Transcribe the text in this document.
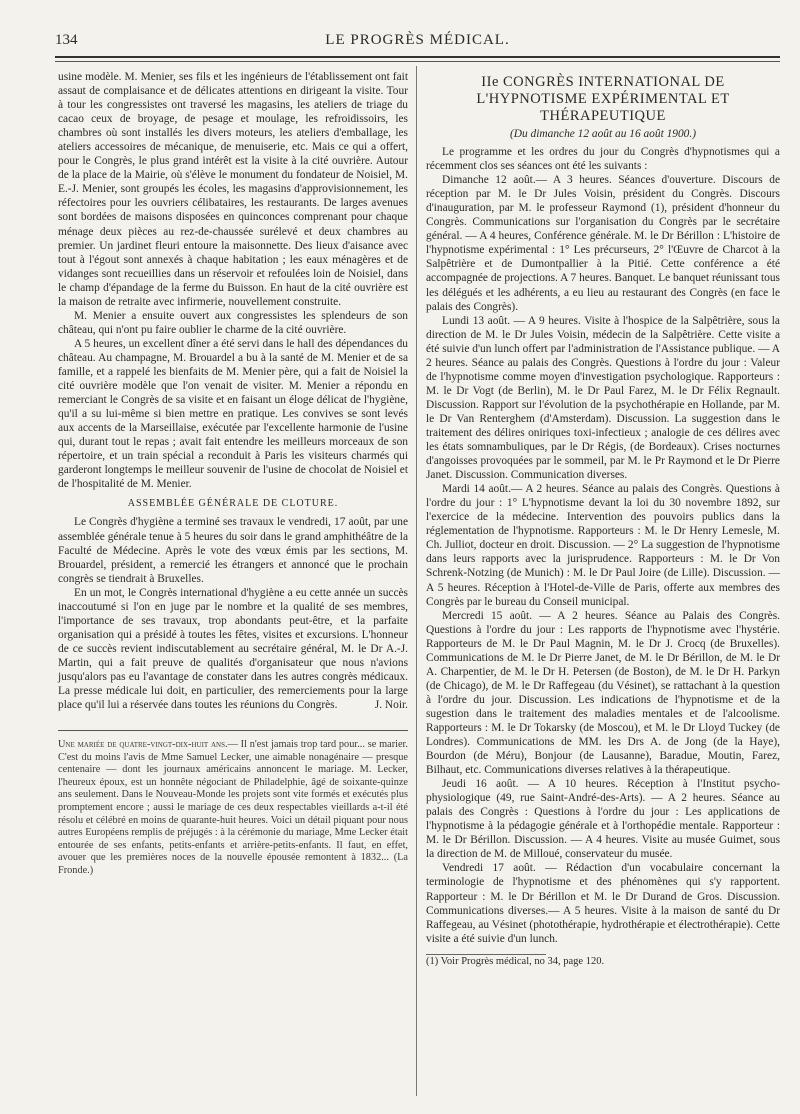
134	LE PROGRÈS MÉDICAL.

usine modèle. M. Menier, ses fils et les ingénieurs de l'établissement ont fait assaut de complaisance et de délicates attentions en dirigeant la visite. Tour à tour les congressistes ont traversé les magasins, les ateliers de triage du cacao ceux de broyage, de pesage et moulage, les refroidissoirs, les chambres où sont installés les divers moteurs, les ateliers d'emballage, les ateliers accessoires de mécanique, de menuiserie, etc. Mais ce qui a offert, pour le Congrès, le plus grand intérêt est la visite à la cité ouvrière. Autour de la place de la Mairie, où s'élève le monument du fondateur de Noisiel, M. E.-J. Menier, sont groupés les écoles, les magasins d'approvisionnement, les réfectoires pour les ouvriers célibataires, les restaurants. De larges avenues sont bordées de maisons disposées en quinconces comprenant pour chaque ménage deux pièces au rez-de-chaussée surélevé et deux chambres au premier. Un jardinet fleuri entoure la maisonnette. Des lieux d'aisance avec tout à l'égout sont annexés à chaque habitation ; les eaux ménagères et de vidanges sont recueillies dans un réservoir et refoulées loin de Noisiel, dans le champ d'épandage de la ferme du Buisson. En haut de la cité ouvrière est la maison de retraite avec infirmerie, nouvellement construite.

M. Menier a ensuite ouvert aux congressistes les splendeurs de son château, qui n'ont pu faire oublier le charme de la cité ouvrière.

A 5 heures, un excellent dîner a été servi dans le hall des dépendances du château. Au champagne, M. Brouardel a bu à la santé de M. Menier et de sa famille, et a rappelé les bienfaits de M. Menier père, qui a fait de Noisiel la cité ouvrière modèle que l'on venait de visiter. M. Menier a répondu en remerciant le Congrès de sa visite et en faisant un éloge délicat de l'hygiène, qu'il a su lui-même si bien mettre en pratique. Les convives se sont levés aux accents de la Marseillaise, exécutée par l'excellente harmonie de l'usine qui, durant tout le repas ; avait fait entendre les meilleurs morceaux de son répertoire, et un train spécial a reconduit à Paris les visiteurs charmés qui garderont longtemps le meilleur souvenir de l'usine de chocolat de Noisiel et de l'hospitalité de M. Menier.

ASSEMBLÉE GÉNÉRALE DE CLOTURE.

Le Congrès d'hygiène a terminé ses travaux le vendredi, 17 août, par une assemblée générale tenue à 5 heures du soir dans le grand amphithéâtre de la Faculté de Médecine. Après le vote des vœux émis par les sections, M. Brouardel, président, a remercié les étrangers et annoncé que le prochain congrès se tiendrait à Bruxelles.

En un mot, le Congrès international d'hygiène a eu cette année un succès inaccoutumé si l'on en juge par le nombre et la qualité de ses membres, l'importance de ses travaux, trop abondants peut-être, et la parfaite organisation qui a présidé à toutes les fêtes, visites et excursions. L'honneur de ce succès revient indiscutablement au secrétaire général, M. le Dr A.-J. Martin, qui a fait preuve de qualités d'organisateur que nous n'avions jusqu'alors pas eu l'avantage de constater dans les autres congrès médicaux. La presse médicale lui doit, en particulier, des remerciements pour la large place qu'il lui a réservée dans toutes les réunions du Congrès.	J. Noir.

Une mariée de quatre-vingt-dix-huit ans.— Il n'est jamais trop tard pour... se marier. C'est du moins l'avis de Mme Samuel Lecker, une aimable nonagénaire — presque centenaire — dont les journaux américains annoncent le mariage. M. Lecker, l'heureux époux, est un honnête négociant de Philadelphie, âgé de soixante-quinze ans seulement. Dans le Nouveau-Monde les projets sont vite formés et exécutés plus promptement encore ; aussi le mariage de ces deux respectables vieillards a-t-il été résolu et célébré en moins de quarante-huit heures. Voici un détail piquant pour nous autres Européens remplis de préjugés : à la cérémonie du mariage, Mme Lecker était entourée de ses enfants, petits-enfants et arrière-petits-enfants. Il faut, en effet, avouer que les premières noces de la nouvelle épousée remontent à 1832... (La Fronde.)

IIe CONGRÈS INTERNATIONAL DE L'HYPNOTISME EXPÉRIMENTAL ET THÉRAPEUTIQUE
(Du dimanche 12 août au 16 août 1900.)

Le programme et les ordres du jour du Congrès d'hypnotismes qui a récemment clos ses séances ont été les suivants :

Dimanche 12 août.— A 3 heures. Séances d'ouverture. Discours de réception par M. le Dr Jules Voisin, président du Congrès. Discours d'inauguration, par M. le professeur Raymond (1), président d'honneur du Congrès. Communications sur l'organisation du Congrès par le secrétaire général. — A 4 heures, Conférence générale. M. le Dr Bérillon : L'histoire de l'hypnotisme expérimental : 1° Les précurseurs, 2° l'Œuvre de Charcot à la Salpêtrière et de Dumontpallier à la Pitié. Cette conférence a été accompagnée de projections. A 7 heures. Banquet. Le banquet réunissant tous les délégués et les adhérents, a eu lieu au restaurant des Congrès (en face le palais des Congrès).

Lundi 13 août. — A 9 heures. Visite à l'hospice de la Salpêtrière, sous la direction de M. le Dr Jules Voisin, médecin de la Salpêtrière. Cette visite a été suivie d'un lunch offert par l'administration de l'Assistance publique. — A 2 heures. Séance au palais des Congrès. Questions à l'ordre du jour : Valeur de l'hypnotisme comme moyen d'investigation psychologique. Rapporteurs : M. le Dr Vogt (de Berlin), M. le Dr Paul Farez, M. le Dr Félix Regnault. Discussion. Rapport sur l'évolution de la psychothérapie en Hollande, par M. le Dr Van Renterghem (d'Amsterdam). Discussion. La suggestion dans le traitement des délires oniriques toxi-infectieux ; analogie de ces délires avec les états somnambuliques, par le Dr Régis, (de Bordeaux). Crises nocturnes d'angoisses provoquées par le sommeil, par M. le Pr Raymond et le Dr Pierre Janet. Discussion. Communication diverses.

Mardi 14 août.— A 2 heures. Séance au palais des Congrès. Questions à l'ordre du jour : 1° L'hypnotisme devant la loi du 30 novembre 1892, sur l'exercice de la médecine. Intervention des pouvoirs publics dans la réglementation de l'hypnotisme. Rapporteurs : M. le Dr Henry Lemesle, M. Ch. Julliot, docteur en droit. Discussion. — 2° La suggestion de l'hypnotisme dans leurs rapports avec la jurisprudence. Rapporteurs : M. le Dr Von Schrenk-Notzing (de Munich) : M. le Dr Paul Joire (de Lille). Discussion. — A 5 heures. Réception à l'Hotel-de-Ville de Paris, offerte aux membres des Congrès par le bureau du Conseil municipal.

Mercredi 15 août. — A 2 heures. Séance au Palais des Congrès. Questions à l'ordre du jour : Les rapports de l'hypnotisme avec l'hystérie. Rapporteurs de M. le Dr Paul Magnin, M. le Dr J. Crocq (de Bruxelles). Communications de M. le Dr Pierre Janet, de M. le Dr Bérillon, de M. le Dr A. Charpentier, de M. le Dr H. Petersen (de Boston), de M. le Dr H. Parkyn (de Chicago), de M. le Dr Raffegeau (du Vésinet), se rattachant à la question à l'ordre du jour. Discussion. Les indications de l'hypnotisme et de la sugestion dans le traitement des maladies mentales et de l'alcoolisme. Rapporteurs : M. le Dr Tokarsky (de Moscou), et M. le Dr Lloyd Tuckey (de Londres). Communications de MM. les Drs A. de Jong (de la Haye), Bourdon (de Méru), Bonjour (de Lausanne), Baradue, Moutin, Farez, Bilhaut, etc. Communications diverses relatives à la thérapeutique.

Jeudi 16 août. — A 10 heures. Réception à l'Institut psycho-physiologique (49, rue Saint-André-des-Arts). — A 2 heures. Séance au palais des Congrès : Questions à l'ordre du jour : Les applications de l'hypnotisme à la pédagogie générale et à l'orthopédie mentale. Rapporteur : M. le Dr Bérillon. Discussion. — A 4 heures. Visite au musée Guimet, sous la direction de M. de Milloué, conservateur du musée.

Vendredi 17 août. — Rédaction d'un vocabulaire concernant la terminologie de l'hypnotisme et des phénomènes qui s'y rapportent. Rapporteur : M. le Dr Bérillon et M. le Dr Durand de Gros. Discussion. Communications diverses.— A 5 heures. Visite à la maison de santé du Dr Raffegeau, au Vésinet (photothérapie, hydrothérapie et électrothérapie). Cette visite a été suivie d'un lunch.

(1) Voir Progrès médical, no 34, page 120.
